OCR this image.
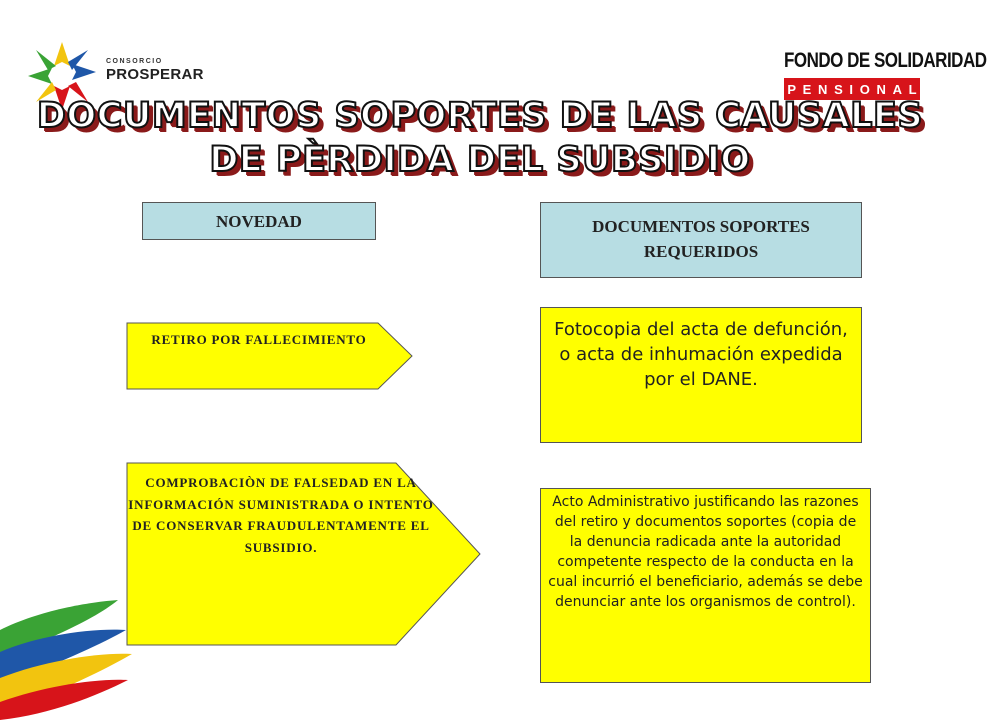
CONSORCIO
PROSPERAR
FONDO DE SOLIDARIDAD
P E N S I O N A L
DOCUMENTOS SOPORTES DE LAS CAUSALES
DE PÈRDIDA DEL SUBSIDIO
NOVEDAD	DOCUMENTOS SOPORTES REQUERIDOS
RETIRO POR FALLECIMIENTO	Fotocopia del acta de defunción, o acta de inhumación expedida por el DANE.
COMPROBACIÒN DE FALSEDAD EN LA INFORMACIÓN SUMINISTRADA O INTENTO DE CONSERVAR FRAUDULENTAMENTE EL SUBSIDIO.
Acto Administrativo justificando las razones del retiro y documentos soportes (copia de la denuncia radicada ante la autoridad competente respecto de la conducta en la cual incurrió el beneficiario, además se debe denunciar ante los organismos de control).
